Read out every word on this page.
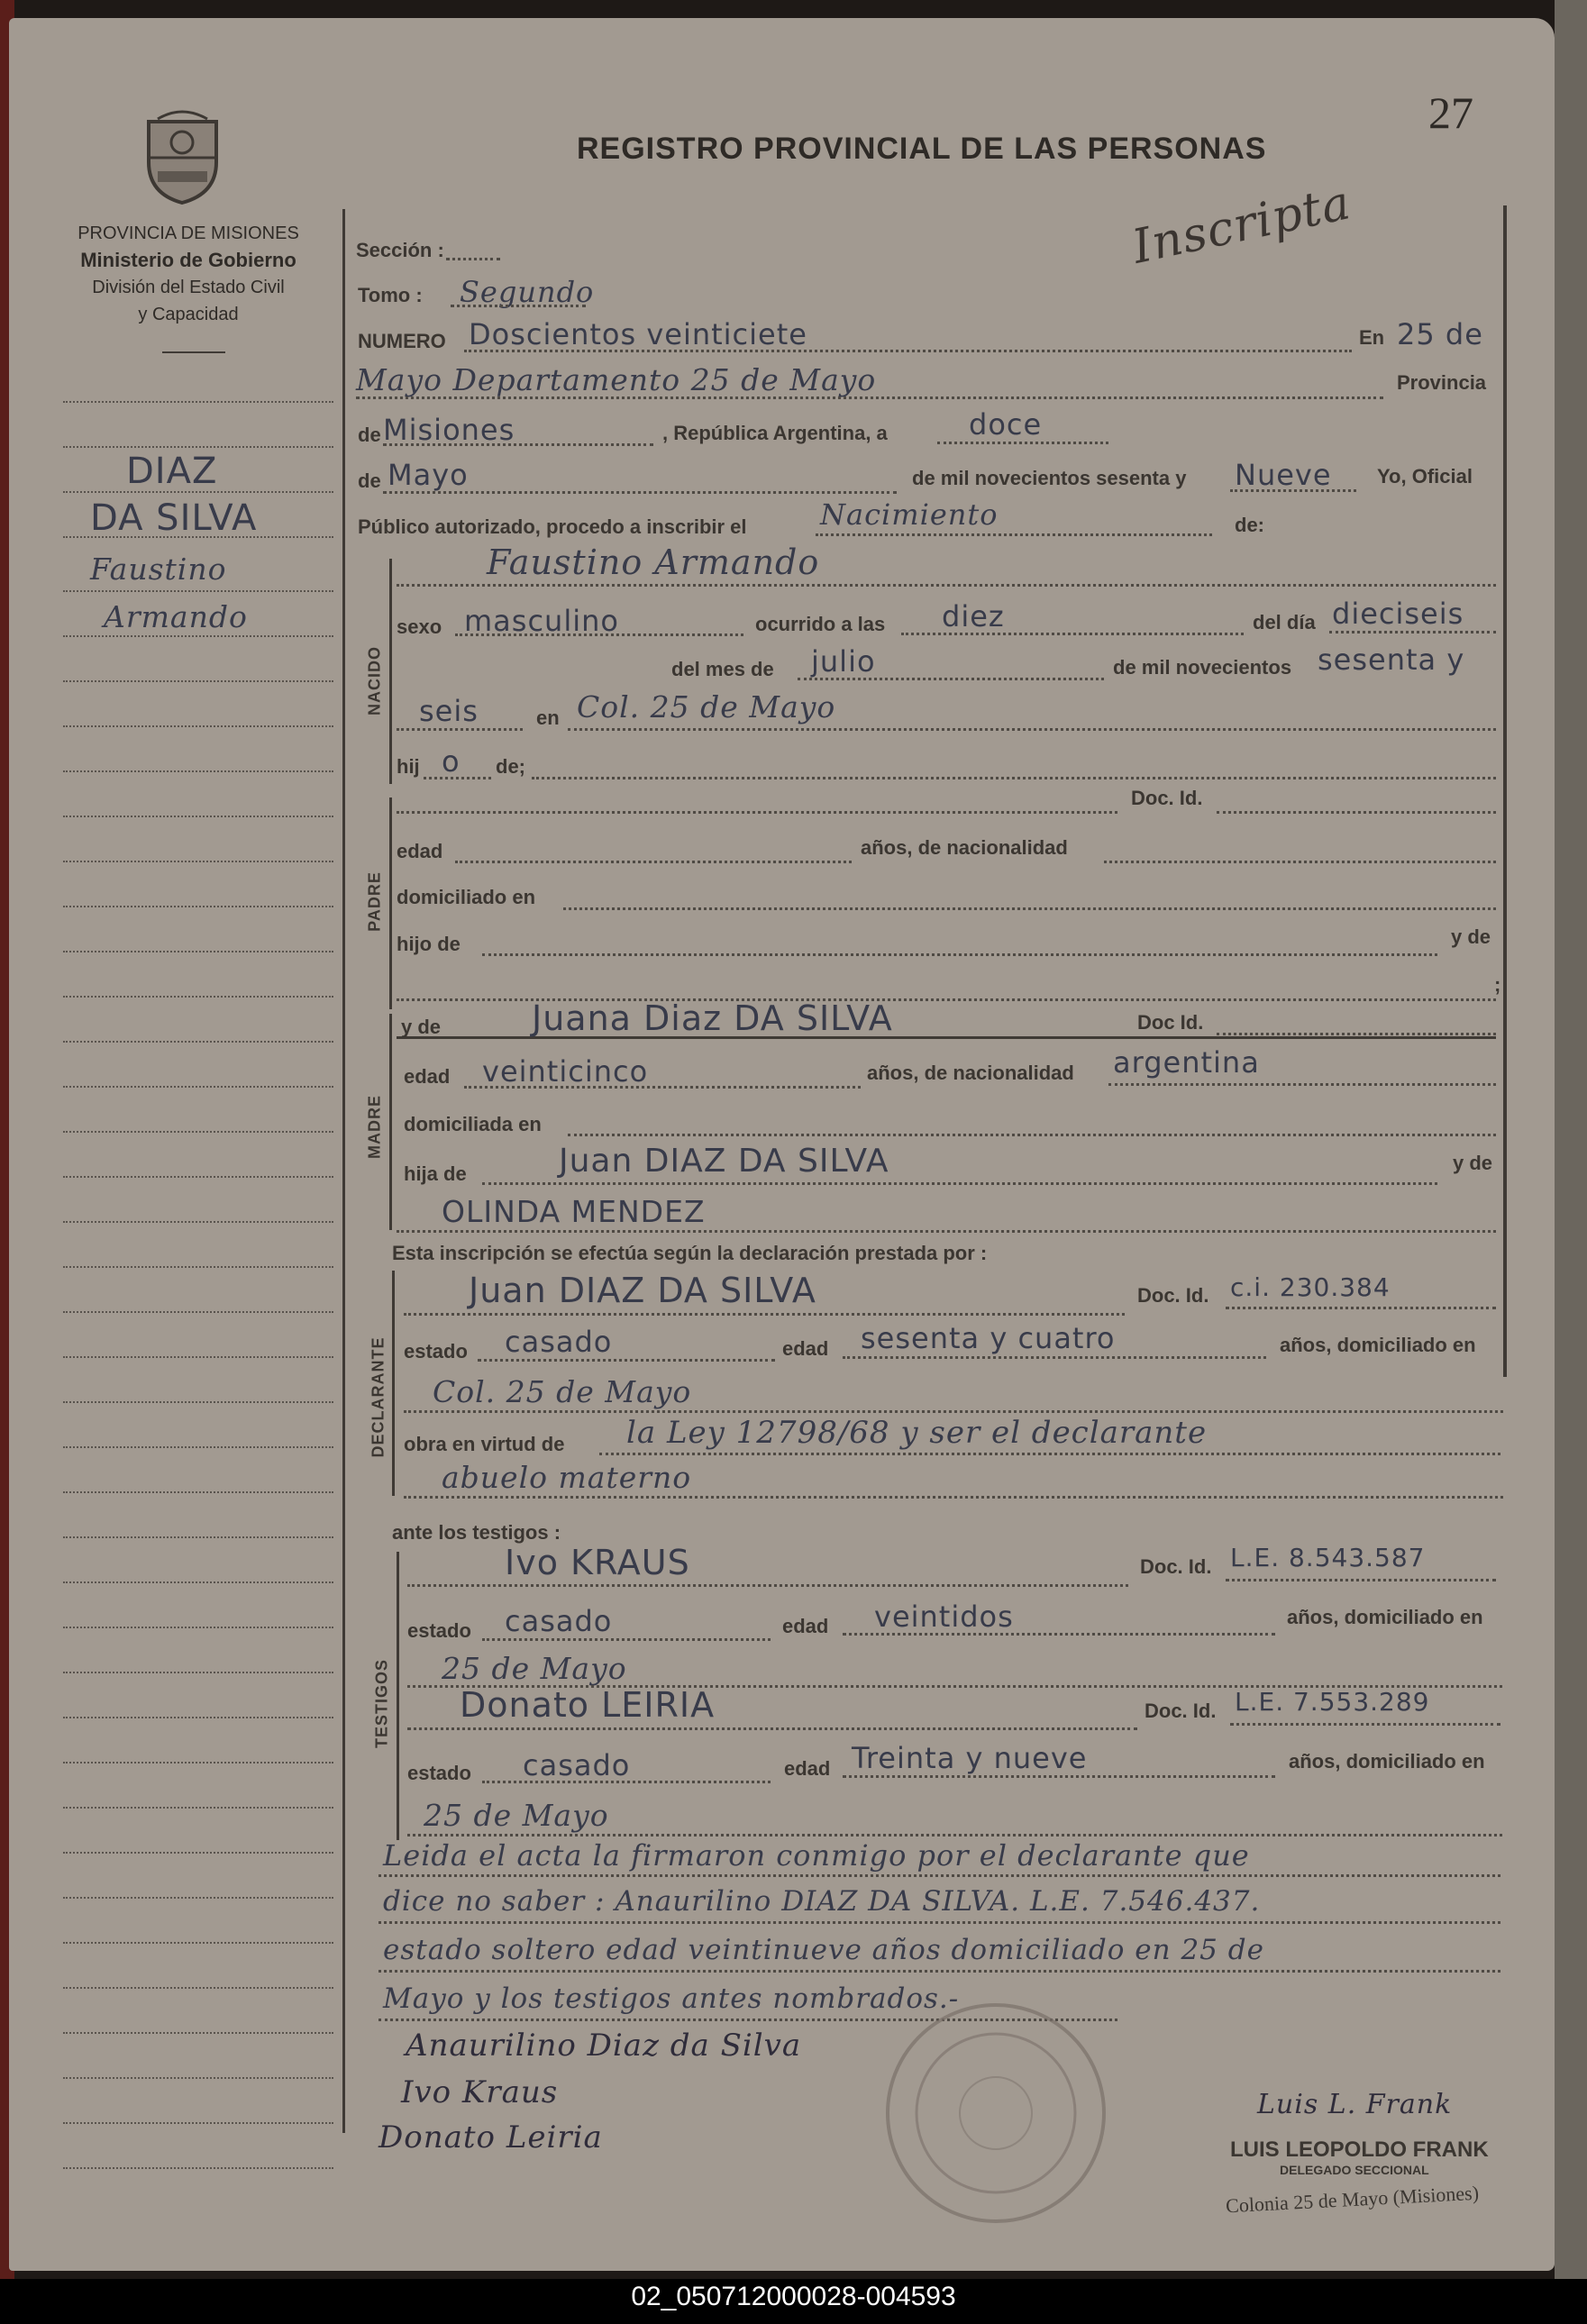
27
REGISTRO PROVINCIAL DE LAS PERSONAS
Inscripta
PROVINCIA DE MISIONES
Ministerio de Gobierno
División del Estado Civil
y Capacidad
DIAZ
DA SILVA
Faustino
Armando
Sección :
Tomo : Segundo
NUMERO Doscientos veinticiete	En 25 de
Mayo Departamento 25 de Mayo	Provincia
de Misiones	, República Argentina, a	doce
de Mayo	de mil novecientos sesenta y Nueve Yo, Oficial
Público autorizado, procedo a inscribir el	Nacimiento	de:
NACIDO
Faustino Armando
sexo masculino	ocurrido a las diez	del día dieciseis
del mes de julio	de mil novecientos sesenta y
seis	en Col. 25 de Mayo
hij o de;
PADRE
Doc. Id.
edad	años, de nacionalidad
domiciliado en
hijo de	y de
;
MADRE
y de	Juana Diaz DA SILVA	Doc Id.
edad veinticinco	años, de nacionalidad argentina
domiciliada en
hija de	Juan DIAZ DA SILVA	y de
OLINDA MENDEZ
Esta inscripción se efectúa según la declaración prestada por :
DECLARANTE
Juan DIAZ DA SILVA	Doc. Id. c.i. 230.384
estado casado	edad sesenta y cuatro	años, domiciliado en
Col. 25 de Mayo
obra en virtud de la Ley 12798/68 y ser el declarante
abuelo materno
ante los testigos :
TESTIGOS
Ivo KRAUS	Doc. Id. L.E. 8.543.587
estado casado	edad veintidos	años, domiciliado en
25 de Mayo
Donato LEIRIA	Doc. Id. L.E. 7.553.289
estado casado	edad Treinta y nueve	años, domiciliado en
25 de Mayo
Leida el acta la firmaron conmigo por el declarante que
dice no saber : Anaurilino DIAZ DA SILVA. L.E. 7.546.437.
estado soltero edad veintinueve años domiciliado en 25 de
Mayo y los testigos antes nombrados.-
Anaurilino Diaz da Silva
Ivo Kraus
Donato Leiria
Luis L. Frank
LUIS LEOPOLDO FRANK
DELEGADO SECCIONAL
Colonia 25 de Mayo (Misiones)
02_050712000028-004593
